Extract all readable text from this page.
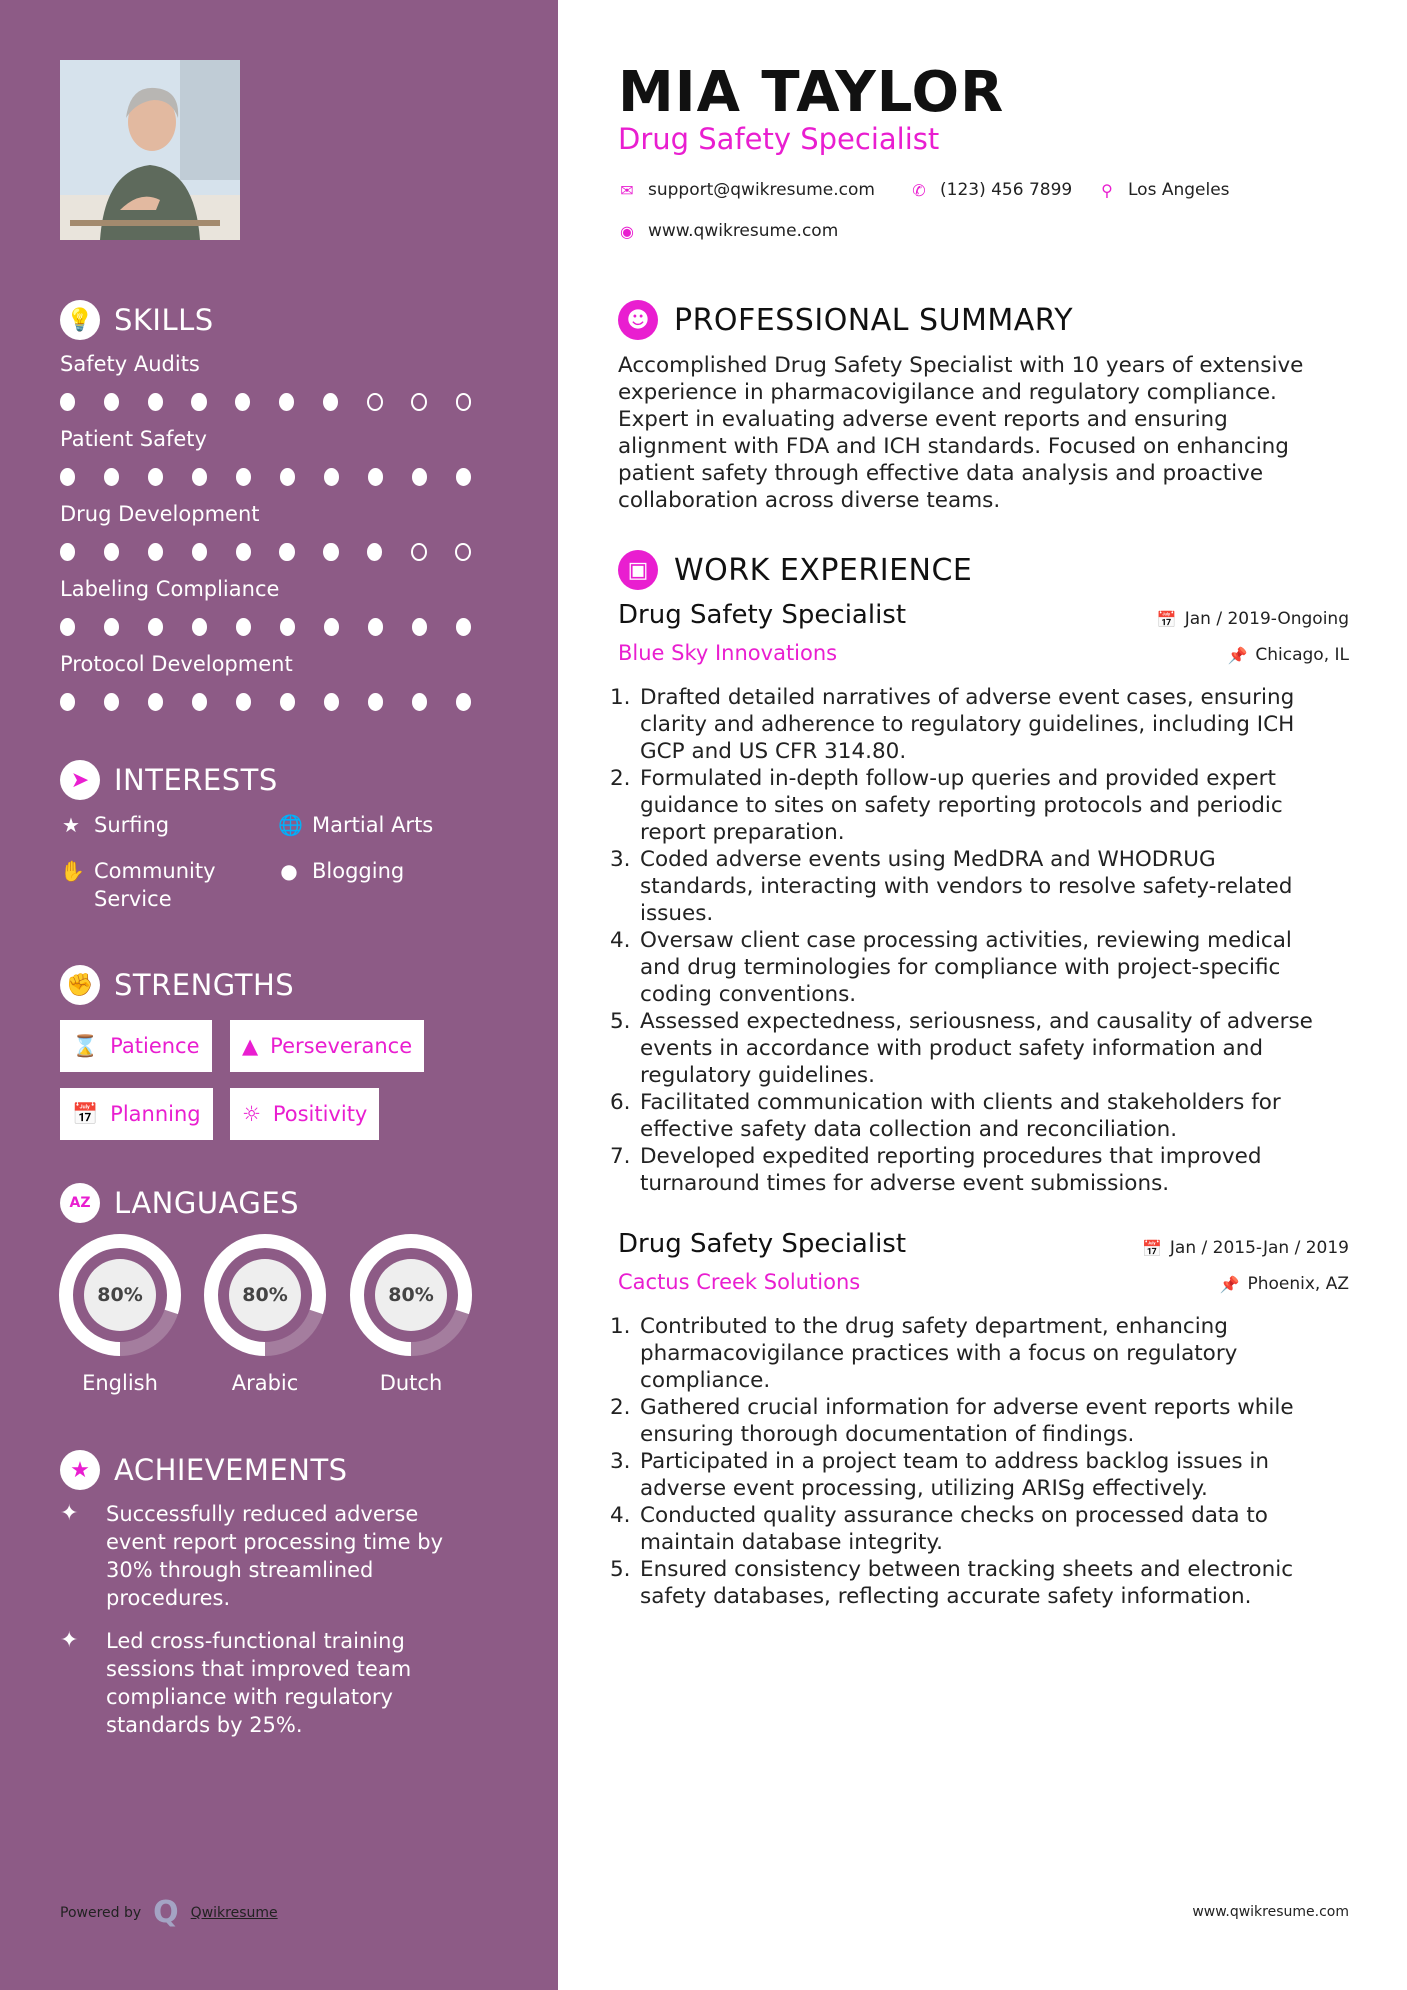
💡 SKILLS
Safety Audits
Patient Safety
Drug Development
Labeling Compliance
Protocol Development
➤ INTERESTS
★ Surfing	🌐 Martial Arts
✋ Community
Service
● Blogging
✊ STRENGTHS
⌛ Patience ▲ Perseverance
📅 Planning ☼ Positivity
AZ LANGUAGES
80%
English
80%
Arabic
80%
Dutch
★ ACHIEVEMENTS
✦	Successfully reduced adverse
event report processing time by
30% through streamlined
procedures.
✦	Led cross-functional training
sessions that improved team
compliance with regulatory
standards by 25%.
Powered by Q Qwikresume
MIA TAYLOR
Drug Safety Specialist
✉ support@qwikresume.com ✆ (123) 456 7899 ⚲ Los Angeles
◉ www.qwikresume.com
☻ PROFESSIONAL SUMMARY
Accomplished Drug Safety Specialist with 10 years of extensive
experience in pharmacovigilance and regulatory compliance.
Expert in evaluating adverse event reports and ensuring
alignment with FDA and ICH standards. Focused on enhancing
patient safety through effective data analysis and proactive
collaboration across diverse teams.
▣ WORK EXPERIENCE
Drug Safety Specialist	📅 Jan / 2019-Ongoing
Blue Sky Innovations	📌 Chicago, IL
1. Drafted detailed narratives of adverse event cases, ensuring
clarity and adherence to regulatory guidelines, including ICH
GCP and US CFR 314.80.
2. Formulated in-depth follow-up queries and provided expert
guidance to sites on safety reporting protocols and periodic
report preparation.
3. Coded adverse events using MedDRA and WHODRUG
standards, interacting with vendors to resolve safety-related
issues.
4. Oversaw client case processing activities, reviewing medical
and drug terminologies for compliance with project-specific
coding conventions.
5. Assessed expectedness, seriousness, and causality of adverse
events in accordance with product safety information and
regulatory guidelines.
6. Facilitated communication with clients and stakeholders for
effective safety data collection and reconciliation.
7. Developed expedited reporting procedures that improved
turnaround times for adverse event submissions.
Drug Safety Specialist	📅 Jan / 2015-Jan / 2019
Cactus Creek Solutions	📌 Phoenix, AZ
1. Contributed to the drug safety department, enhancing
pharmacovigilance practices with a focus on regulatory
compliance.
2. Gathered crucial information for adverse event reports while
ensuring thorough documentation of findings.
3. Participated in a project team to address backlog issues in
adverse event processing, utilizing ARISg effectively.
4. Conducted quality assurance checks on processed data to
maintain database integrity.
5. Ensured consistency between tracking sheets and electronic
safety databases, reflecting accurate safety information.
www.qwikresume.com
